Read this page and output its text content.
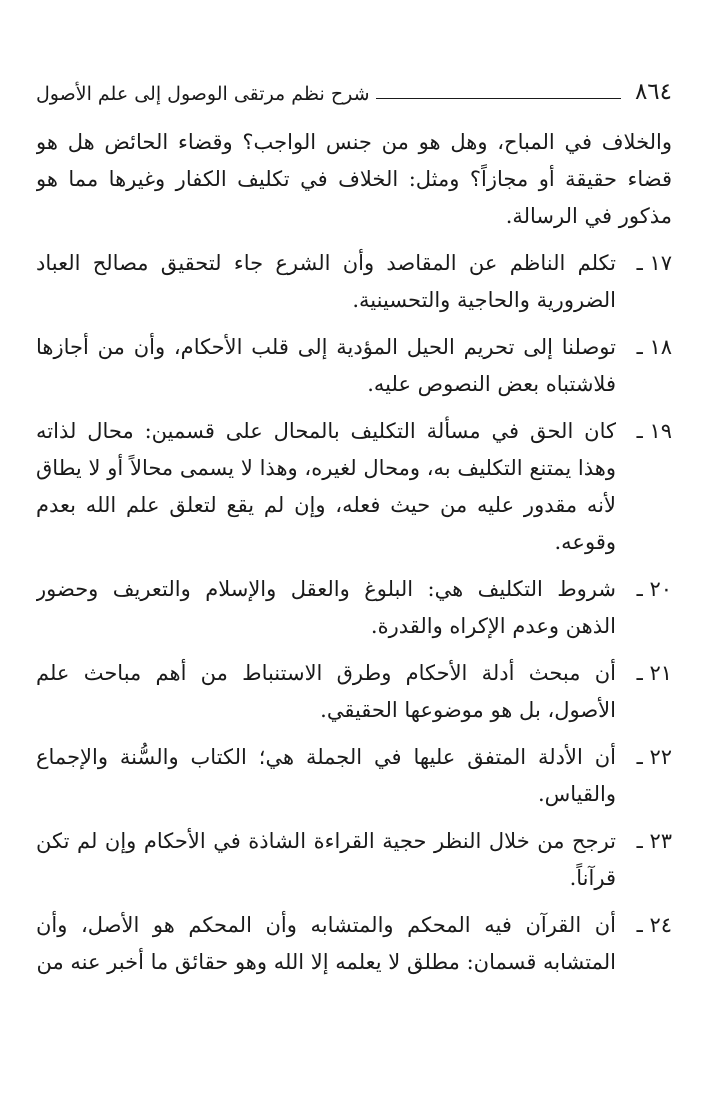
٨٦٤
شرح نظم مرتقى الوصول إلى علم الأصول

والخلاف في المباح، وهل هو من جنس الواجب؟ وقضاء الحائض هل هو قضاء حقيقة أو مجازاً؟ ومثل: الخلاف في تكليف الكفار وغيرها مما هو مذكور في الرسالة.

١٧ ـ
تكلم الناظم عن المقاصد وأن الشرع جاء لتحقيق مصالح العباد الضرورية والحاجية والتحسينية.
١٨ ـ
توصلنا إلى تحريم الحيل المؤدية إلى قلب الأحكام، وأن من أجازها فلاشتباه بعض النصوص عليه.
١٩ ـ
كان الحق في مسألة التكليف بالمحال على قسمين: محال لذاته وهذا يمتنع التكليف به، ومحال لغيره، وهذا لا يسمى محالاً أو لا يطاق لأنه مقدور عليه من حيث فعله، وإن لم يقع لتعلق علم الله بعدم وقوعه.
٢٠ ـ
شروط التكليف هي: البلوغ والعقل والإسلام والتعريف وحضور الذهن وعدم الإكراه والقدرة.
٢١ ـ
أن مبحث أدلة الأحكام وطرق الاستنباط من أهم مباحث علم الأصول، بل هو موضوعها الحقيقي.
٢٢ ـ
أن الأدلة المتفق عليها في الجملة هي؛ الكتاب والسُّنة والإجماع والقياس.
٢٣ ـ
ترجح من خلال النظر حجية القراءة الشاذة في الأحكام وإن لم تكن قرآناً.
٢٤ ـ
أن القرآن فيه المحكم والمتشابه وأن المحكم هو الأصل، وأن المتشابه قسمان: مطلق لا يعلمه إلا الله وهو حقائق ما أخبر عنه من
